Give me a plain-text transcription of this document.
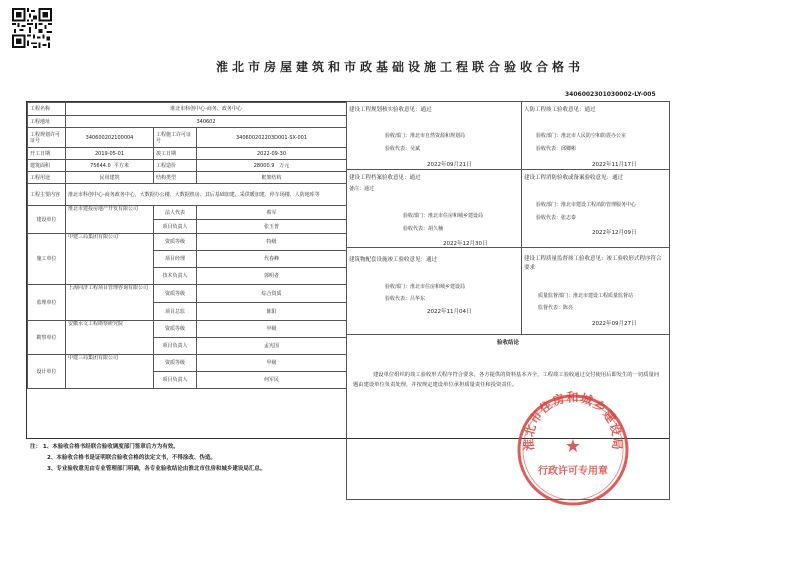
淮北市房屋建筑和市政基础设施工程联合验收合格书
3406002301030002-LY-005
工程名称	淮北市科创中心-商务、政务中心		
工程地址	340602		
工程规划许可证号	340600202100004	工程施工许可证号	340600202203D001-SX-001
开工日期	2019-05-01	竣工日期	2022-09-30
建筑面积	75644.0 平方米	工程造价	28000.9 万元
工程用途	民用建筑	结构类型	框架结构
工程主要内容	淮北市科创中心-商务政务中心，大数据办公楼、大数据机房、其后基础加建、采供暖加建、停车场楼、人防地库等		
建设单位	淮北市建投房地产开发有限公司	法人代表	蔡军
		项目负责人	张玉普
施工单位	中建三局集团有限公司	资质等级	特级
		项目经理	代春峰
		技术负责人	郭明者
监理单位	上海同济工程项目管理咨询有限公司	资质等级	综合资质
		项目总监	陈阳
勘察单位	安徽水文工程勘察研究院	资质等级	甲级
		项目负责人	孟宪国
设计单位	中建三局集团有限公司	资质等级	甲级
		项目负责人	何军民
建设工程规划核实验收意见：通过
验收部门：淮北市自然资源和规划局
验收代表：吴斌
2022年09月21日
人防工程竣工验收意见：通过
验收部门：淮北市人民防空和防震办公室
验收代表：邱卿彬
2022年11月17日
建设工程档案验收意见：通过
备注：通过
验收部门：淮北市住房和城乡建设局
验收代表：胡久楠
2022年12月30日
建设工程消防验收或备案验收意见：通过
验收部门：淮北市建设工程消防管理服务中心
验收代表：张志泰
2022年12月09日
建筑物配套设施竣工验收意见：通过
验收部门：淮北市住房和城乡建设局
验收代表：吕华东
2022年11月04日
建设工程质量监督竣工验收意见：竣工验收形式程序符合要求
质量监督部门：淮北市建设工程质量监督站
监督代表：陈亮
2022年09月27日
验收结论
建设单位组织的竣工验收形式程序符合要求，各方提供的资料基本齐全，工程竣工验收通过交付使用后即发生的一切质量问题由建设单位负责处理，并按规定建设单位承担质量责任和投资责任。
淮北市住房和城乡建设局
★
行政许可专用章
注： 1、本验收合格书经联合验收调度部门签章后方为有效。
2、本验收合格书是证明联合验收合格的法定文书，不得涂改、伪造。
3、专业验收意见由专业管理部门明确，各专业验收结论由淮北市住房和城乡建设局汇总。
